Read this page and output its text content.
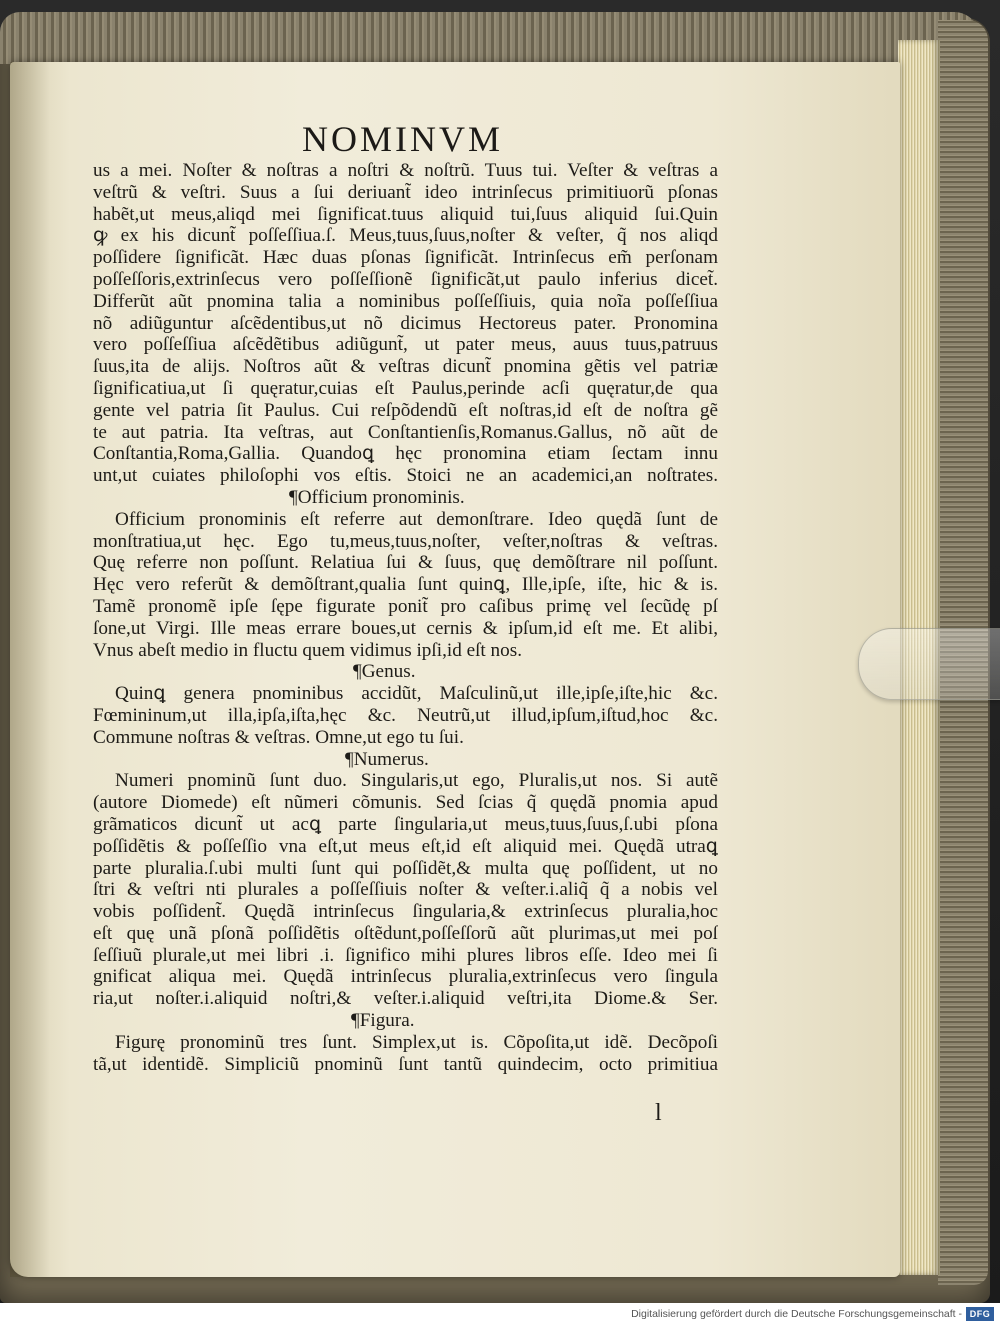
NOMINVM
us a mei. Noſter & noſtras a noſtri & noſtrũ. Tuus tui. Veſter & veſtras a
veſtrũ & veſtri. Suus a ſui deriuant̃ ideo intrinſecus primitiuorũ pſonas
habẽt,ut meus,aliqd mei ſignificat.tuus aliquid tui,ſuus aliquid ſui.Quin
ꝙ ex his dicunt̃ poſſeſſiua.ſ. Meus,tuus,ſuus,noſter & veſter, q̃ nos aliqd
poſſidere ſignificãt. Hæc duas pſonas ſignificãt. Intrinſecus em̃ perſonam
poſſeſſoris,extrinſecus vero poſſeſſionẽ ſignificãt,ut paulo inferius dicet̃.
Differũt aũt pnomina talia a nominibus poſſeſſiuis, quia noĩa poſſeſſiua
nõ adiũguntur aſcẽdentibus,ut nõ dicimus Hectoreus pater. Pronomina
vero poſſeſſiua aſcẽdẽtibus adiũgunt̃, ut pater meus, auus tuus,patruus
ſuus,ita de alijs. Noſtros aũt & veſtras dicunt̃ pnomina gẽtis vel patriæ
ſignificatiua,ut ſi quęratur,cuias eſt Paulus,perinde acſi quęratur,de qua
gente vel patria ſit Paulus. Cui reſpõdendũ eſt noſtras,id eſt de noſtra gẽ
te aut patria. Ita veſtras, aut Conſtantienſis,Romanus.Gallus, nõ aũt de
Conſtantia,Roma,Gallia. Quandoꝗ hęc pronomina etiam ſectam innu
unt,ut cuiates philoſophi vos eſtis. Stoici ne an academici,an noſtrates.
¶Officium pronominis.
Officium pronominis eſt referre aut demonſtrare. Ideo quędã ſunt de
monſtratiua,ut hęc. Ego tu,meus,tuus,noſter, veſter,noſtras & veſtras.
Quę referre non poſſunt. Relatiua ſui & ſuus, quę demõſtrare nil poſſunt.
Hęc vero referũt & demõſtrant,qualia ſunt quinꝗ, Ille,ipſe, iſte, hic & is.
Tamẽ pronomẽ ipſe ſępe figurate ponit̃ pro caſibus primę vel ſecũdę pſ
ſone,ut Virgi. Ille meas errare boues,ut cernis & ipſum,id eſt me. Et alibi,
Vnus abeſt medio in fluctu quem vidimus ipſi,id eſt nos.
¶Genus.
Quinꝗ genera pnominibus accidũt, Maſculinũ,ut ille,ipſe,iſte,hic &c.
Fœmininum,ut illa,ipſa,iſta,hęc &c. Neutrũ,ut illud,ipſum,iſtud,hoc &c.
Commune noſtras & veſtras. Omne,ut ego tu ſui.
¶Numerus.
Numeri pnominũ ſunt duo. Singularis,ut ego, Pluralis,ut nos. Si autẽ
(autore Diomede) eſt nũmeri cõmunis. Sed ſcias q̃ quędã pnomia apud
grãmaticos dicunt̃ ut acꝗ parte ſingularia,ut meus,tuus,ſuus,ſ.ubi pſona
poſſidẽtis & poſſeſſio vna eſt,ut meus eſt,id eſt aliquid mei. Quędã utraꝗ
parte pluralia.ſ.ubi multi ſunt qui poſſidẽt,& multa quę poſſident, ut no
ſtri & veſtri nti plurales a poſſeſſiuis noſter & veſter.i.aliq̃ q̃ a nobis vel
vobis poſſident̃. Quędã intrinſecus ſingularia,& extrinſecus pluralia,hoc
eſt quę unã pſonã poſſidẽtis oſtẽdunt,poſſeſſorũ aũt plurimas,ut mei poſ
ſeſſiuũ plurale,ut mei libri .i. ſignifico mihi plures libros eſſe. Ideo mei ſi
gnificat aliqua mei. Quędã intrinſecus pluralia,extrinſecus vero ſingula
ria,ut noſter.i.aliquid noſtri,& veſter.i.aliquid veſtri,ita Diome.& Ser.
¶Figura.
Figurę pronominũ tres ſunt. Simplex,ut is. Cõpoſita,ut idẽ. Decõpoſi
tã,ut identidẽ. Simpliciũ pnominũ ſunt tantũ quindecim, octo primitiua
l
Digitalisierung gefördert durch die Deutsche Forschungsgemeinschaft - DFG
